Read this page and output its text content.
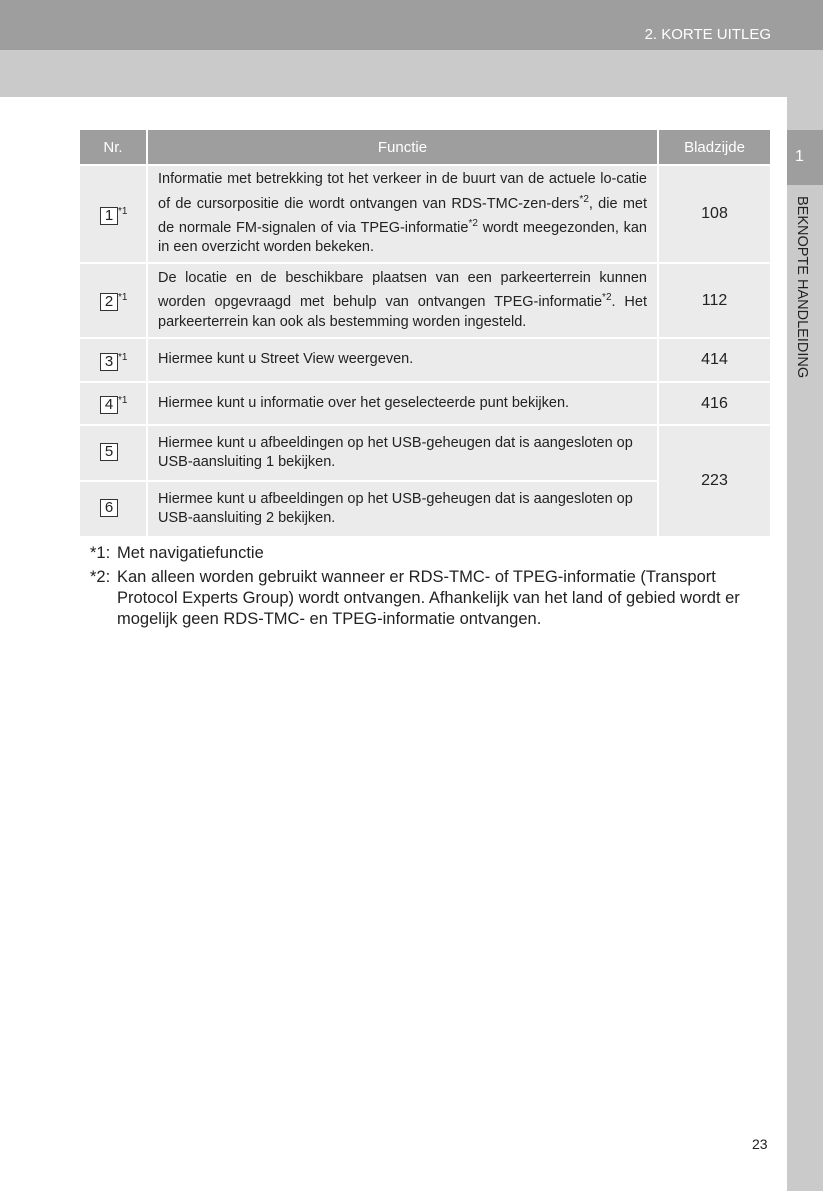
2. KORTE UITLEG
1
BEKNOPTE HANDLEIDING
Nr.	Functie	Bladzijde
1 $^{*1}$	Informatie met betrekking tot het verkeer in de buurt van de actuele lo-catie of de cursorpositie die wordt ontvangen van RDS-TMC-zen-ders$^{*2}$, die met de normale FM-signalen of via TPEG-informatie$^{*2}$ wordt meegezonden, kan in een overzicht worden bekeken.	108
2 $^{*1}$	De locatie en de beschikbare plaatsen van een parkeerterrein kunnen worden opgevraagd met behulp van ontvangen TPEG-informatie$^{*2}$. Het parkeerterrein kan ook als bestemming worden ingesteld.	112
3 $^{*1}$	Hiermee kunt u Street View weergeven.	414
4 $^{*1}$	Hiermee kunt u informatie over het geselecteerde punt bekijken.	416
5	Hiermee kunt u afbeeldingen op het USB-geheugen dat is aangesloten op USB-aansluiting 1 bekijken.	223
6	Hiermee kunt u afbeeldingen op het USB-geheugen dat is aangesloten op USB-aansluiting 2 bekijken.	
*1: Met navigatiefunctie
*2: Kan alleen worden gebruikt wanneer er RDS-TMC- of TPEG-informatie (Transport Protocol Experts Group) wordt ontvangen. Afhankelijk van het land of gebied wordt er mogelijk geen RDS-TMC- en TPEG-informatie ontvangen.
23
